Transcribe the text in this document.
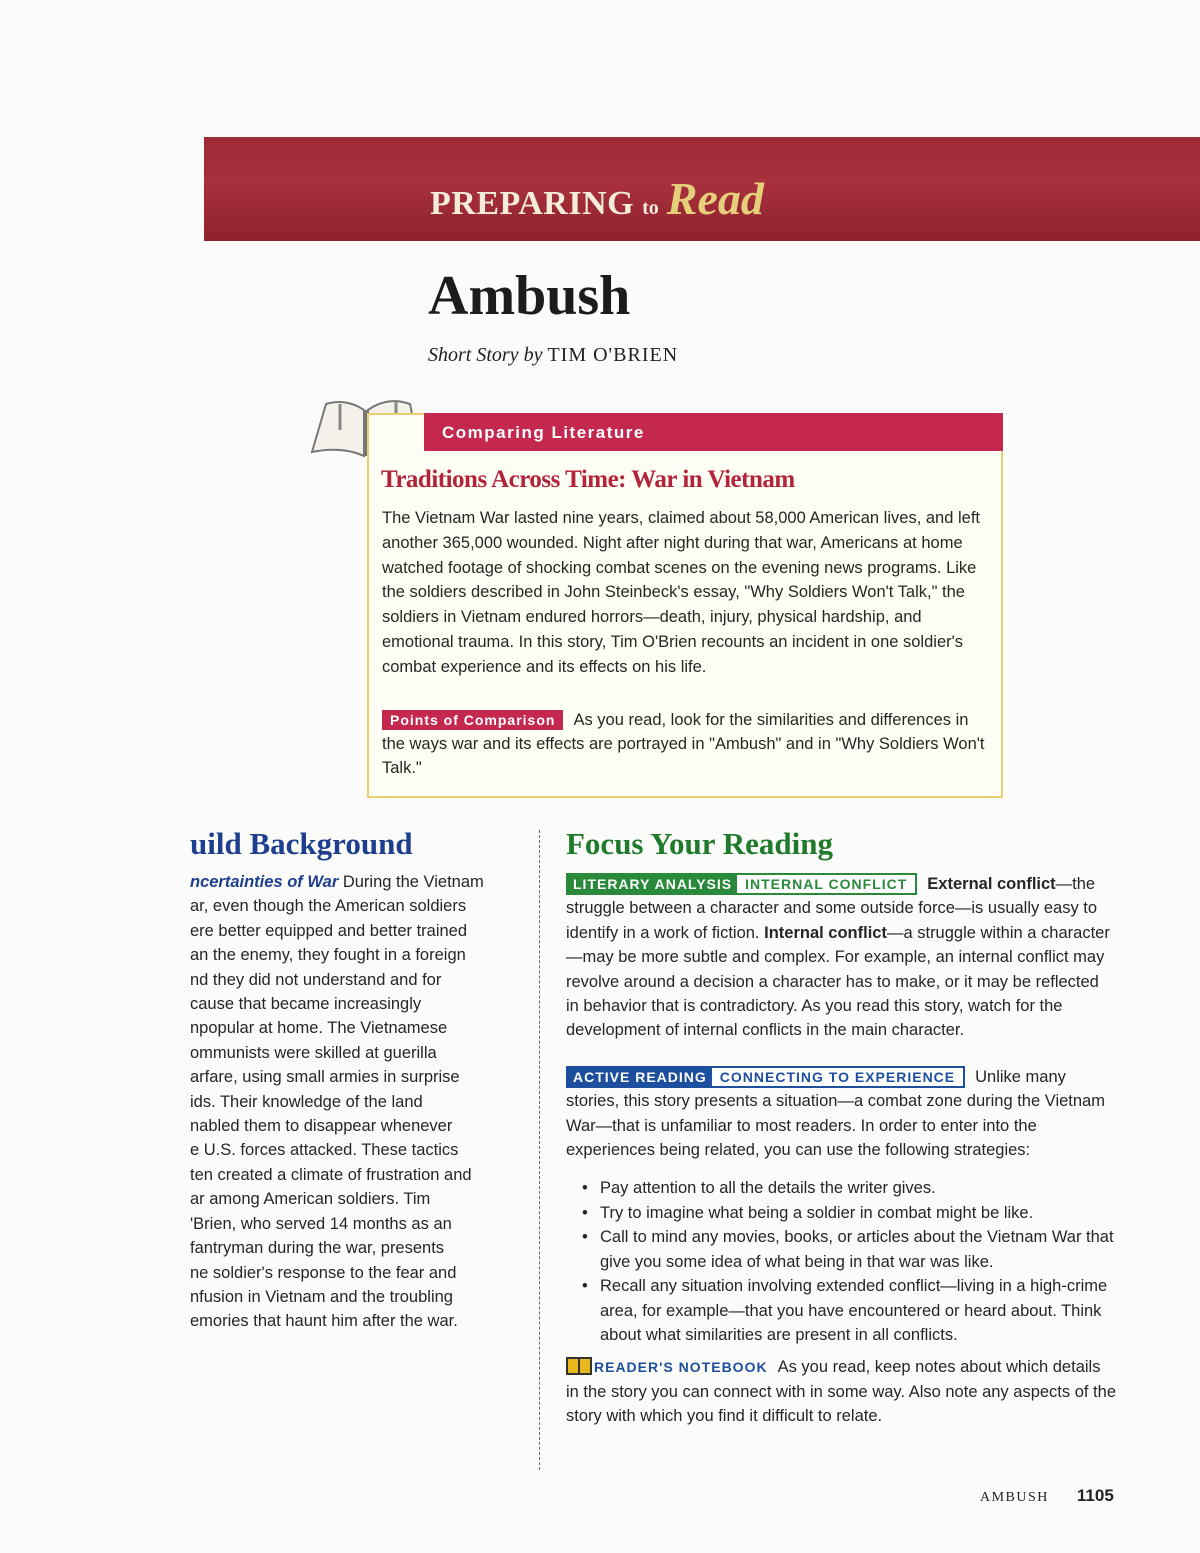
PREPARING to Read
Ambush
Short Story by TIM O'BRIEN
Comparing Literature
Traditions Across Time: War in Vietnam
The Vietnam War lasted nine years, claimed about 58,000 American lives, and left another 365,000 wounded. Night after night during that war, Americans at home watched footage of shocking combat scenes on the evening news programs. Like the soldiers described in John Steinbeck's essay, "Why Soldiers Won't Talk," the soldiers in Vietnam endured horrors—death, injury, physical hardship, and emotional trauma. In this story, Tim O'Brien recounts an incident in one soldier's combat experience and its effects on his life.
Points of Comparison As you read, look for the similarities and differences in the ways war and its effects are portrayed in "Ambush" and in "Why Soldiers Won't Talk."
uild Background
ncertainties of War During the Vietnam
ar, even though the American soldiers
ere better equipped and better trained
an the enemy, they fought in a foreign
nd they did not understand and for
cause that became increasingly
npopular at home. The Vietnamese
ommunists were skilled at guerilla
arfare, using small armies in surprise
ids. Their knowledge of the land
nabled them to disappear whenever
e U.S. forces attacked. These tactics
ten created a climate of frustration and
ar among American soldiers. Tim
'Brien, who served 14 months as an
fantryman during the war, presents
ne soldier's response to the fear and
nfusion in Vietnam and the troubling
emories that haunt him after the war.
Focus Your Reading

LITERARY ANALYSIS INTERNAL CONFLICT	External conflict—the struggle between a character and some outside force—is usually easy to identify in a work of fiction. Internal conflict—a struggle within a character—may be more subtle and complex. For example, an internal conflict may revolve around a decision a character has to make, or it may be reflected in behavior that is contradictory. As you read this story, watch for the development of internal conflicts in the main character.

ACTIVE READING CONNECTING TO EXPERIENCE	Unlike many stories, this story presents a situation—a combat zone during the Vietnam War—that is unfamiliar to most readers. In order to enter into the experiences being related, you can use the following strategies:

• Pay attention to all the details the writer gives.
• Try to imagine what being a soldier in combat might be like.
• Call to mind any movies, books, or articles about the Vietnam War that give you some idea of what being in that war was like.
• Recall any situation involving extended conflict—living in a high-crime area, for example—that you have encountered or heard about. Think about what similarities are present in all conflicts.
READER'S NOTEBOOK As you read, keep notes about which details in the story you can connect with in some way. Also note any aspects of the story with which you find it difficult to relate.
AMBUSH 1105
